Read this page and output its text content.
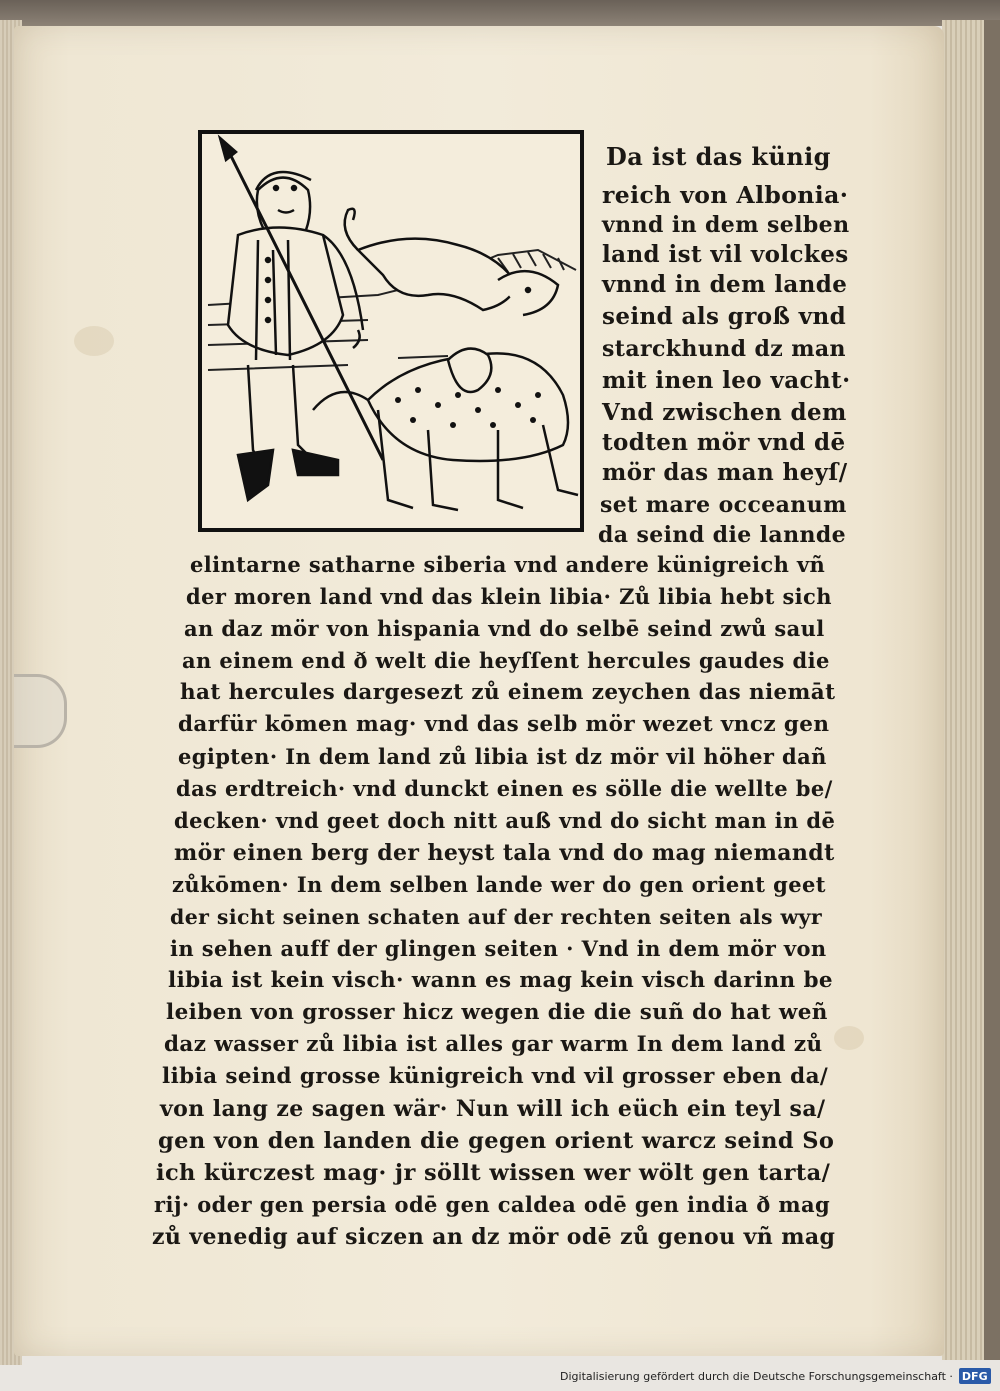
Da ist das künig
reich von Albonia·
vnnd in dem selben
land ist vil volckes
vnnd in dem lande
seind als groß vnd
starckhund dz man
mit inen leo vacht·
Vnd zwischen dem
todten mör vnd dē
mör das man heyſ/
set mare occeanum
da seind die lannde
elintarne satharne siberia vnd andere künigreich vñ
der moren land vnd das klein libia· Zů libia hebt sich
an daz mör von hispania vnd do selbē seind zwů saul
an einem end ð welt die heyſſent hercules gaudes die
hat hercules dargesezt zů einem zeychen das niemāt
darfür kōmen mag· vnd das selb mör wezet vncz gen
egipten· In dem land zů libia ist dz mör vil höher dañ
das erdtreich· vnd dunckt einen es sölle die wellte be/
decken· vnd geet doch nitt auß vnd do sicht man in dē
mör einen berg der heyst tala vnd do mag niemandt
zůkōmen· In dem selben lande wer do gen orient geet
der sicht seinen schaten auf der rechten seiten als wyr
in sehen auff der glingen seiten · Vnd in dem mör von
libia ist kein visch· wann es mag kein visch darinn be
leiben von grosser hicz wegen die die suñ do hat weñ
daz wasser zů libia ist alles gar warm In dem land zů
libia seind grosse künigreich vnd vil grosser eben da/
von lang ze sagen wär· Nun will ich eüch ein teyl sa/
gen von den landen die gegen orient warcz seind So
ich kürczest mag· jr söllt wissen wer wölt gen tarta/
rij· oder gen persia odē gen caldea odē gen india ð mag
zů venedig auf siczen an dz mör odē zů genou vñ mag
Digitalisierung gefördert durch die Deutsche Forschungsgemeinschaft · DFG
